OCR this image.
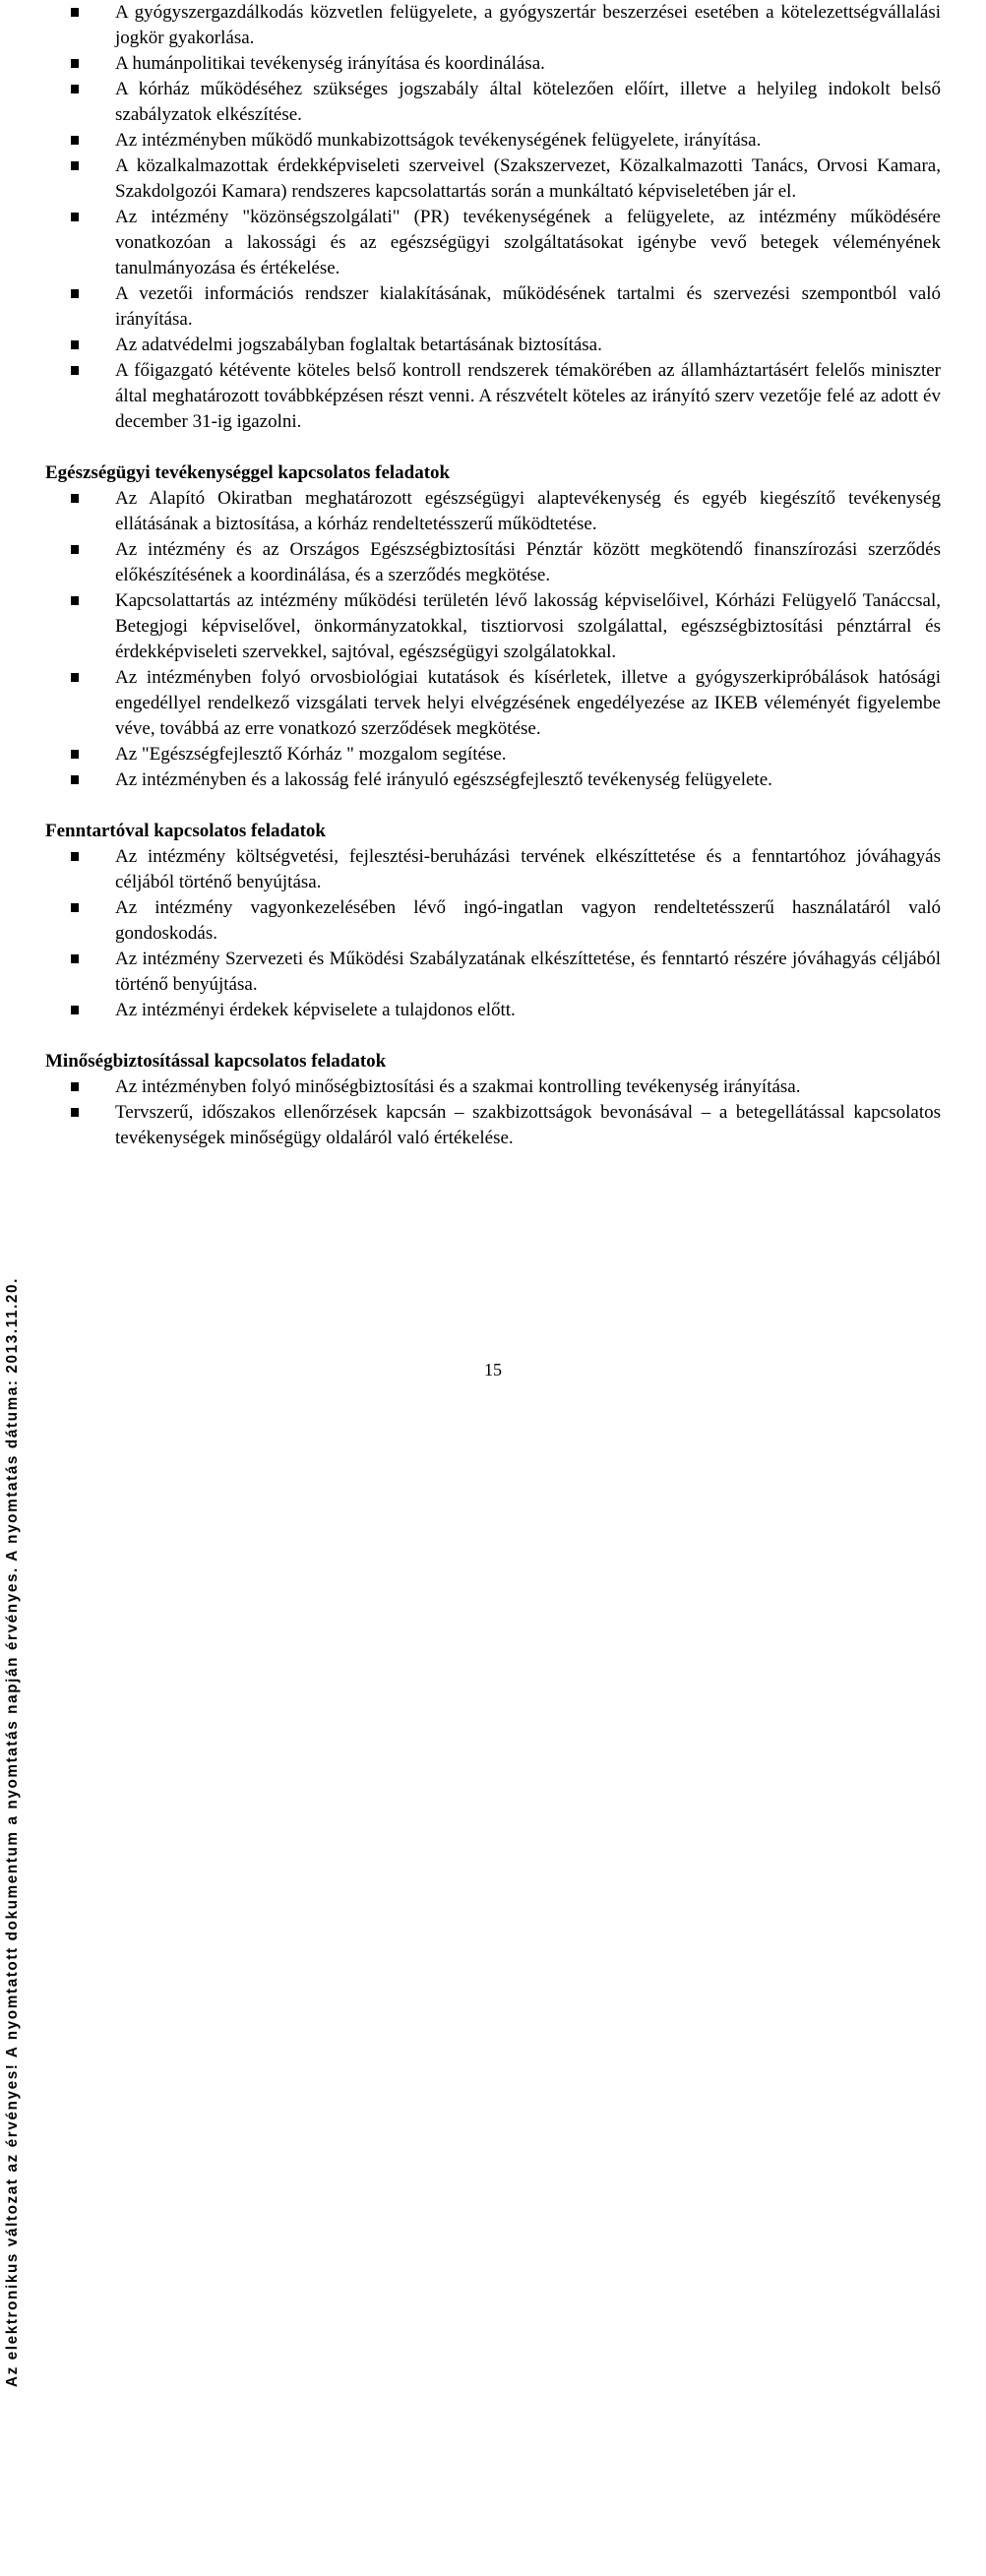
Az elektronikus változat az érvényes! A nyomtatott dokumentum a nyomtatás napján érvényes. A nyomtatás dátuma: 2013.11.20.
A gyógyszergazdálkodás közvetlen felügyelete, a gyógyszertár beszerzései esetében a kötelezettségvállalási jogkör gyakorlása.
A humánpolitikai tevékenység irányítása és koordinálása.
A kórház működéséhez szükséges jogszabály által kötelezően előírt, illetve a helyileg indokolt belső szabályzatok elkészítése.
Az intézményben működő munkabizottságok tevékenységének felügyelete, irányítása.
A közalkalmazottak érdekképviseleti szerveivel (Szakszervezet, Közalkalmazotti Tanács, Orvosi Kamara, Szakdolgozói Kamara) rendszeres kapcsolattartás során a munkáltató képviseletében jár el.
Az intézmény "közönségszolgálati" (PR) tevékenységének a felügyelete, az intézmény működésére vonatkozóan a lakossági és az egészségügyi szolgáltatásokat igénybe vevő betegek véleményének tanulmányozása és értékelése.
A vezetői információs rendszer kialakításának, működésének tartalmi és szervezési szempontból való irányítása.
Az adatvédelmi jogszabályban foglaltak betartásának biztosítása.
A főigazgató kétévente köteles belső kontroll rendszerek témakörében az államháztartásért felelős miniszter által meghatározott továbbképzésen részt venni. A részvételt köteles az irányító szerv vezetője felé az adott év december 31-ig igazolni.
Egészségügyi tevékenységgel kapcsolatos feladatok
Az Alapító Okiratban meghatározott egészségügyi alaptevékenység és egyéb kiegészítő tevékenység ellátásának a biztosítása, a kórház rendeltetésszerű működtetése.
Az intézmény és az Országos Egészségbiztosítási Pénztár között megkötendő finanszírozási szerződés előkészítésének a koordinálása, és a szerződés megkötése.
Kapcsolattartás az intézmény működési területén lévő lakosság képviselőivel, Kórházi Felügyelő Tanáccsal, Betegjogi képviselővel, önkormányzatokkal, tisztiorvosi szolgálattal, egészségbiztosítási pénztárral és érdekképviseleti szervekkel, sajtóval, egészségügyi szolgálatokkal.
Az intézményben folyó orvosbiológiai kutatások és kísérletek, illetve a gyógyszerkipróbálások hatósági engedéllyel rendelkező vizsgálati tervek helyi elvégzésének engedélyezése az IKEB véleményét figyelembe véve, továbbá az erre vonatkozó szerződések megkötése.
Az "Egészségfejlesztő Kórház " mozgalom segítése.
Az intézményben és a lakosság felé irányuló egészségfejlesztő tevékenység felügyelete.
Fenntartóval kapcsolatos feladatok
Az intézmény költségvetési, fejlesztési-beruházási tervének elkészíttetése és a fenntartóhoz jóváhagyás céljából történő benyújtása.
Az intézmény vagyonkezelésében lévő ingó-ingatlan vagyon rendeltetésszerű használatáról való gondoskodás.
Az intézmény Szervezeti és Működési Szabályzatának elkészíttetése, és fenntartó részére jóváhagyás céljából történő benyújtása.
Az intézményi érdekek képviselete a tulajdonos előtt.
Minőségbiztosítással kapcsolatos feladatok
Az intézményben folyó minőségbiztosítási és a szakmai kontrolling tevékenység irányítása.
Tervszerű, időszakos ellenőrzések kapcsán – szakbizottságok bevonásával – a betegellátással kapcsolatos tevékenységek minőségügy oldaláról való értékelése.
15
